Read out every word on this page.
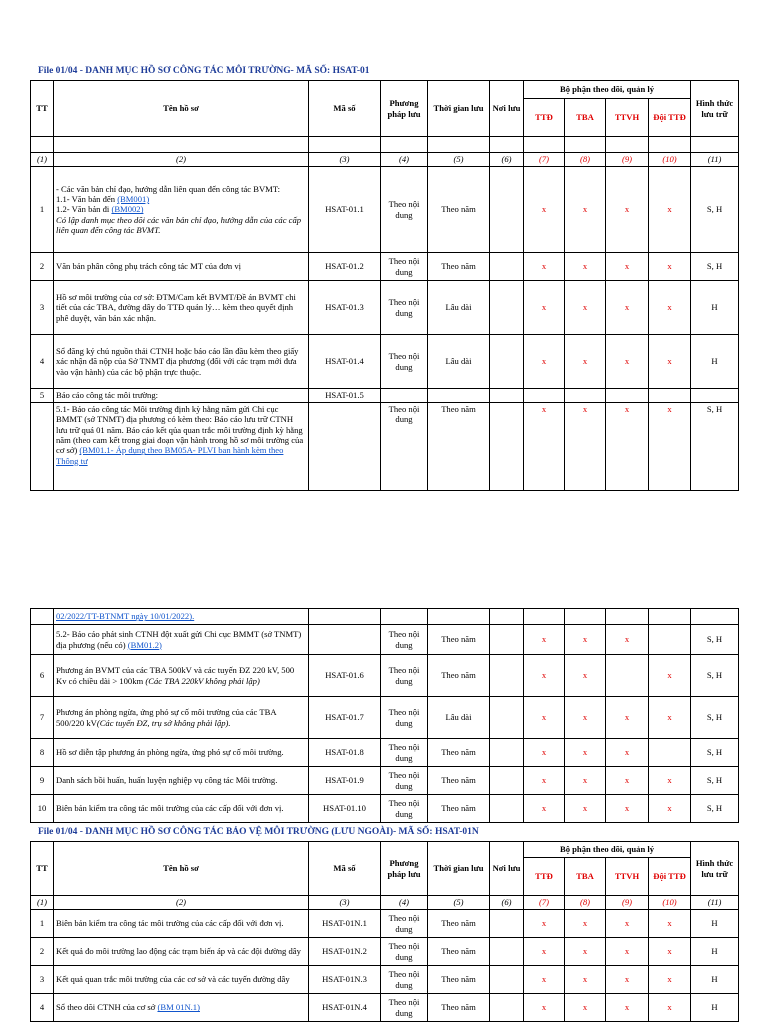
File 01/04 - DANH MỤC HỒ SƠ CÔNG TÁC MÔI TRƯỜNG- MÃ SỐ: HSAT-01
TT	Tên hồ sơ	Mã số	Phương pháp lưu	Thời gian lưu	Nơi lưu	Bộ phận theo dõi, quản lý				Hình thức lưu trữ
						TTĐ	TBA	TTVH	Đội TTĐ	

(1)	(2)	(3)	(4)	(5)	(6)	(7)	(8)	(9)	(10)	(11)
1	- Các văn bản chỉ đạo, hướng dẫn liên quan đến công tác BVMT:
1.1- Văn bản đến (BM001)
1.2- Văn bản đi (BM002)
Có lập danh mục theo dõi các văn bản chỉ đạo, hướng dẫn của các cấp liên quan đến công tác BVMT.	HSAT-01.1	Theo nội dung	Theo năm		x	x	x	x	S, H
2	Văn bản phân công phụ trách công tác MT của đơn vị	HSAT-01.2	Theo nội dung	Theo năm		x	x	x	x	S, H
3	Hồ sơ môi trường của cơ sở: ĐTM/Cam kết BVMT/Đề án BVMT chi tiết của các TBA, đường dây do TTĐ quản lý… kèm theo quyết định phê duyệt, văn bản xác nhận.	HSAT-01.3	Theo nội dung	Lâu dài		x	x	x	x	H
4	Sổ đăng ký chủ nguồn thải CTNH hoặc báo cáo lần đầu kèm theo giấy xác nhận đã nộp của Sở TNMT địa phương (đối với các trạm mới đưa vào vận hành) của các bộ phận trực thuộc.	HSAT-01.4	Theo nội dung	Lâu dài		x	x	x	x	H
5	Báo cáo công tác môi trường:	HSAT-01.5								
	5.1- Báo cáo công tác Môi trường định kỳ hằng năm gửi Chi cục BMMT (sở TNMT) địa phương có kèm theo: Báo cáo lưu trữ CTNH lưu trữ quá 01 năm. Báo cáo kết qủa quan trắc môi trường định kỳ hằng năm (theo cam kết trong giai đoạn vận hành trong hồ sơ môi trường của cơ sở) (BM01.1- Áp dụng theo BM05A- PLVI ban hành kèm theo Thông tư		Theo nội dung	Theo năm		x	x	x	x	S, H
	02/2022/TT-BTNMT ngày 10/01/2022).									
	5.2- Báo cáo phát sinh CTNH đột xuất gửi Chi cục BMMT (sở TNMT) địa phương (nếu có) (BM01.2)		Theo nội dung	Theo năm		x	x	x		S, H
6	Phương án BVMT của các TBA 500kV và các tuyến ĐZ 220 kV, 500 Kv có chiều dài > 100km (Các TBA 220kV không phải lập)	HSAT-01.6	Theo nội dung	Theo năm		x	x		x	S, H
7	Phương án phòng ngừa, ứng phó sự cố môi trường của các TBA 500/220 kV(Các tuyến ĐZ, trụ sở không phải lập).	HSAT-01.7	Theo nội dung	Lâu dài		x	x	x	x	S, H
8	Hồ sơ diễn tập phương án phòng ngừa, ứng phó sự cố môi trường.	HSAT-01.8	Theo nội dung	Theo năm		x	x	x		S, H
9	Danh sách bồi huấn, huấn luyện nghiệp vụ công tác Môi trường.	HSAT-01.9	Theo nội dung	Theo năm		x	x	x	x	S, H
10	Biên bản kiểm tra công tác môi trường của các cấp đối với đơn vị.	HSAT-01.10	Theo nội dung	Theo năm		x	x	x	x	S, H
File 01/04 - DANH MỤC HỒ SƠ CÔNG TÁC BẢO VỆ MÔI TRƯỜNG (LƯU NGOÀI)- MÃ SỐ: HSAT-01N
TT	Tên hồ sơ	Mã số	Phương pháp lưu	Thời gian lưu	Nơi lưu	Bộ phận theo dõi, quản lý				Hình thức lưu trữ
						TTĐ	TBA	TTVH	Đội TTĐ	
(1)	(2)	(3)	(4)	(5)	(6)	(7)	(8)	(9)	(10)	(11)
1	Biên bản kiểm tra công tác môi trường của các cấp đối với đơn vị.	HSAT-01N.1	Theo nội dung	Theo năm		x	x	x	x	H
2	Kết quả đo môi trường lao động các trạm biến áp và các đội đường dây	HSAT-01N.2	Theo nội dung	Theo năm		x	x	x	x	H
3	Kết quả quan trắc môi trường của các cơ sở và các tuyến đường dây	HSAT-01N.3	Theo nội dung	Theo năm		x	x	x	x	H
4	Sổ theo dõi CTNH của cơ sở (BM 01N.1)	HSAT-01N.4	Theo nội dung	Theo năm		x	x	x	x	H
